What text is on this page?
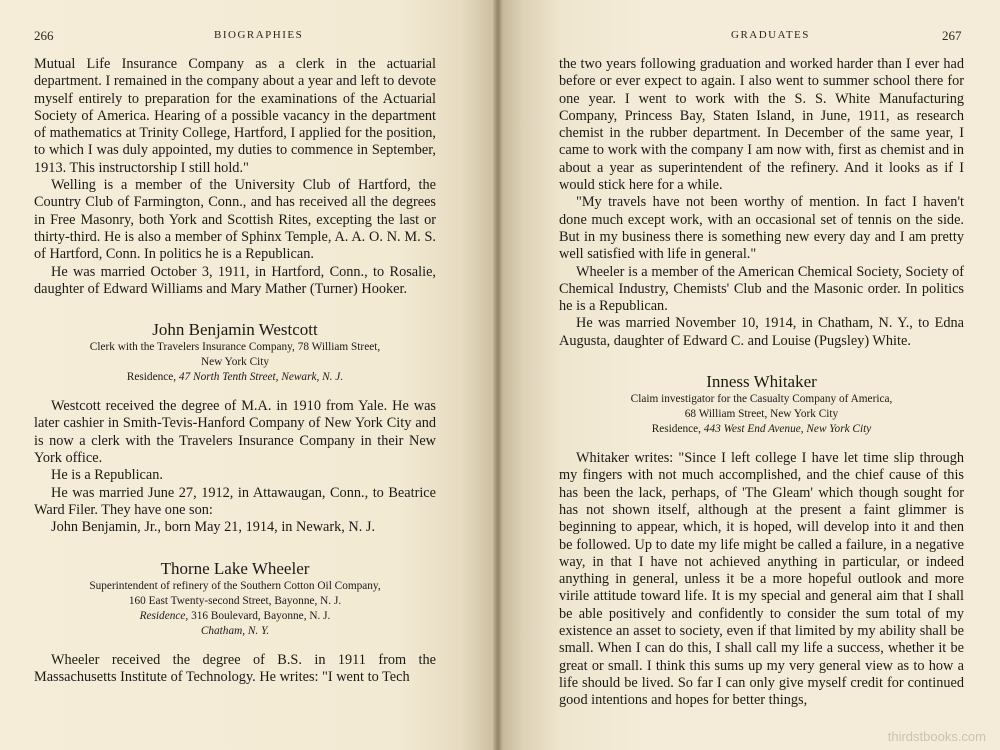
266	BIOGRAPHIES

Mutual Life Insurance Company as a clerk in the actuarial department. I remained in the company about a year and left to devote myself entirely to preparation for the examinations of the Actuarial Society of America. Hearing of a possible vacancy in the department of mathematics at Trinity College, Hartford, I applied for the position, to which I was duly appointed, my duties to commence in September, 1913. This instructorship I still hold."

Welling is a member of the University Club of Hartford, the Country Club of Farmington, Conn., and has received all the degrees in Free Masonry, both York and Scottish Rites, excepting the last or thirty-third. He is also a member of Sphinx Temple, A. A. O. N. M. S. of Hartford, Conn. In politics he is a Republican.

He was married October 3, 1911, in Hartford, Conn., to Rosalie, daughter of Edward Williams and Mary Mather (Turner) Hooker.

John Benjamin Westcott

Clerk with the Travelers Insurance Company, 78 William Street,

New York City

Residence, 47 North Tenth Street, Newark, N. J.

Westcott received the degree of M.A. in 1910 from Yale. He was later cashier in Smith-Tevis-Hanford Company of New York City and is now a clerk with the Travelers Insurance Company in their New York office.

He is a Republican.

He was married June 27, 1912, in Attawaugan, Conn., to Beatrice Ward Filer. They have one son:

John Benjamin, Jr., born May 21, 1914, in Newark, N. J.

Thorne Lake Wheeler

Superintendent of refinery of the Southern Cotton Oil Company,

160 East Twenty-second Street, Bayonne, N. J.

Residence, 316 Boulevard, Bayonne, N. J.

Chatham, N. Y.

Wheeler received the degree of B.S. in 1911 from the Massachusetts Institute of Technology. He writes: "I went to Tech

GRADUATES	267

the two years following graduation and worked harder than I ever had before or ever expect to again. I also went to summer school there for one year. I went to work with the S. S. White Manufacturing Company, Princess Bay, Staten Island, in June, 1911, as research chemist in the rubber department. In December of the same year, I came to work with the company I am now with, first as chemist and in about a year as superintendent of the refinery. And it looks as if I would stick here for a while.

"My travels have not been worthy of mention. In fact I haven't done much except work, with an occasional set of tennis on the side. But in my business there is something new every day and I am pretty well satisfied with life in general."

Wheeler is a member of the American Chemical Society, Society of Chemical Industry, Chemists' Club and the Masonic order. In politics he is a Republican.

He was married November 10, 1914, in Chatham, N. Y., to Edna Augusta, daughter of Edward C. and Louise (Pugsley) White.

Inness Whitaker

Claim investigator for the Casualty Company of America,

68 William Street, New York City

Residence, 443 West End Avenue, New York City

Whitaker writes: "Since I left college I have let time slip through my fingers with not much accomplished, and the chief cause of this has been the lack, perhaps, of 'The Gleam' which though sought for has not shown itself, although at the present a faint glimmer is beginning to appear, which, it is hoped, will develop into it and then be followed. Up to date my life might be called a failure, in a negative way, in that I have not achieved anything in particular, or indeed anything in general, unless it be a more hopeful outlook and more virile attitude toward life. It is my special and general aim that I shall be able positively and confidently to consider the sum total of my existence an asset to society, even if that limited by my ability shall be small. When I can do this, I shall call my life a success, whether it be great or small. I think this sums up my very general view as to how a life should be lived. So far I can only give myself credit for continued good intentions and hopes for better things,

thirdstbooks.com
